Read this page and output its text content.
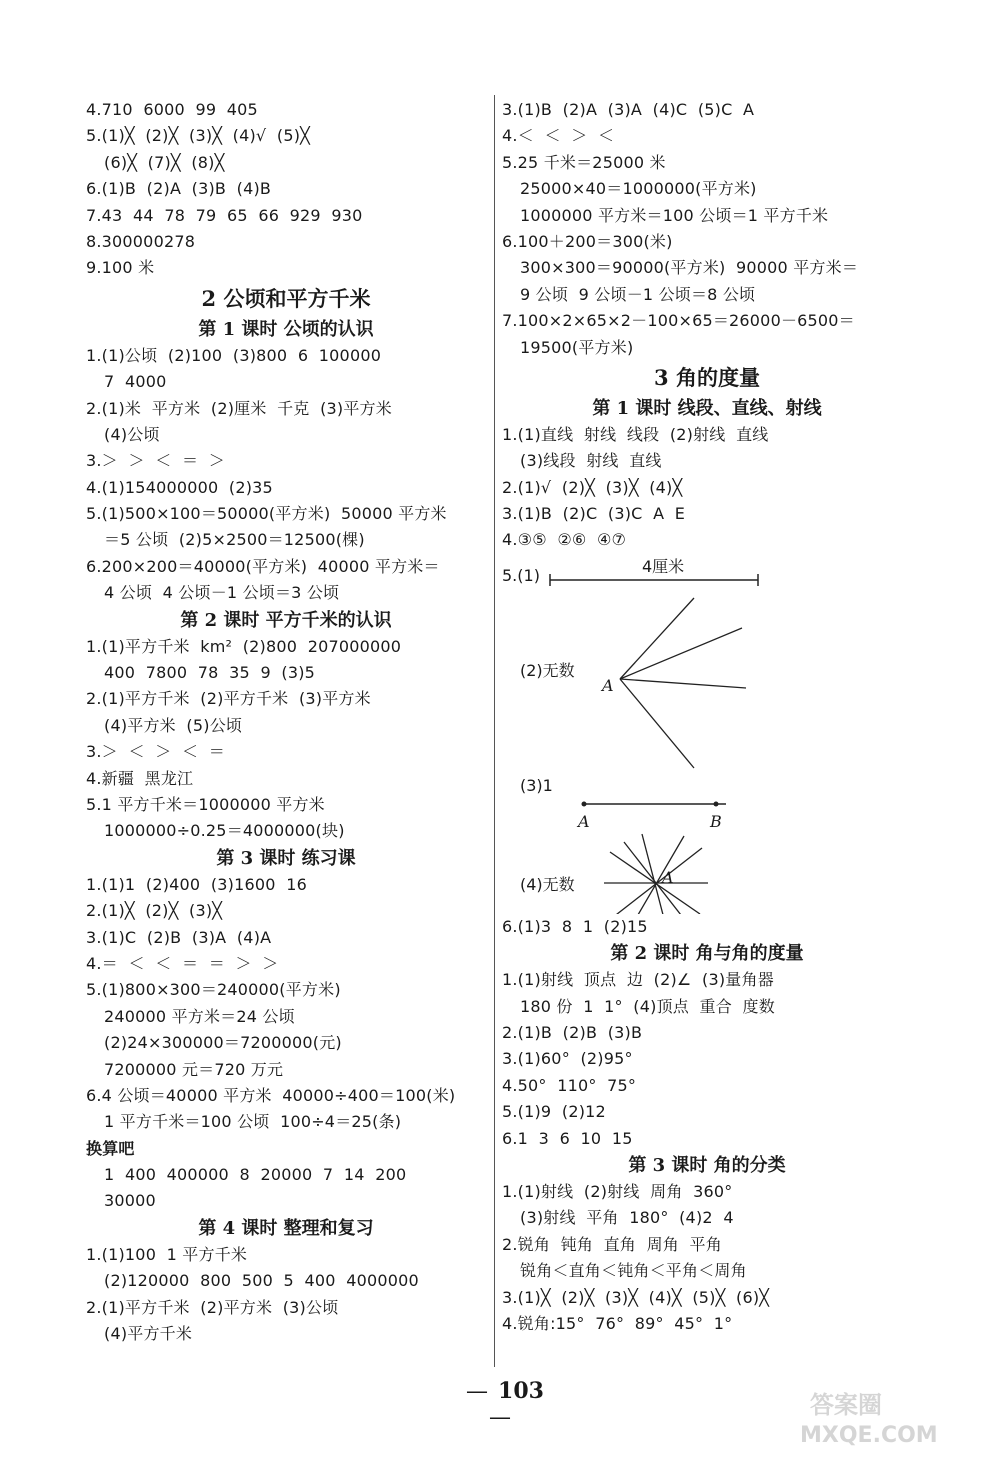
4.710  6000  99  405
5.(1)╳  (2)╳  (3)╳  (4)√  (5)╳
(6)╳  (7)╳  (8)╳
6.(1)B  (2)A  (3)B  (4)B
7.43  44  78  79  65  66  929  930
8.300000278
9.100 米
2 公顷和平方千米
第 1 课时 公顷的认识
1.(1)公顷  (2)100  (3)800  6  100000
7  4000
2.(1)米  平方米  (2)厘米  千克  (3)平方米
(4)公顷
3.＞  ＞  ＜  ＝  ＞
4.(1)154000000  (2)35
5.(1)500×100＝50000(平方米)  50000 平方米
＝5 公顷  (2)5×2500＝12500(棵)
6.200×200＝40000(平方米)  40000 平方米＝
4 公顷  4 公顷－1 公顷＝3 公顷
第 2 课时 平方千米的认识
1.(1)平方千米  km²  (2)800  207000000
400  7800  78  35  9  (3)5
2.(1)平方千米  (2)平方千米  (3)平方米
(4)平方米  (5)公顷
3.＞  ＜  ＞  ＜  ＝
4.新疆  黑龙江
5.1 平方千米＝1000000 平方米
1000000÷0.25＝4000000(块)
第 3 课时 练习课
1.(1)1  (2)400  (3)1600  16
2.(1)╳  (2)╳  (3)╳
3.(1)C  (2)B  (3)A  (4)A
4.＝  ＜  ＜  ＝  ＝  ＞  ＞
5.(1)800×300＝240000(平方米)
240000 平方米＝24 公顷
(2)24×300000＝7200000(元)
7200000 元＝720 万元
6.4 公顷＝40000 平方米  40000÷400＝100(米)
1 平方千米＝100 公顷  100÷4＝25(条)
换算吧
1  400  400000  8  20000  7  14  200
30000
第 4 课时 整理和复习
1.(1)100  1 平方千米
(2)120000  800  500  5  400  4000000
2.(1)平方千米  (2)平方米  (3)公顷
(4)平方千米
3.(1)B  (2)A  (3)A  (4)C  (5)C  A
4.＜  ＜  ＞  ＜
5.25 千米＝25000 米
25000×40＝1000000(平方米)
1000000 平方米＝100 公顷＝1 平方千米
6.100＋200＝300(米)
300×300＝90000(平方米)  90000 平方米＝
9 公顷  9 公顷－1 公顷＝8 公顷
7.100×2×65×2－100×65＝26000－6500＝
19500(平方米)
3 角的度量
第 1 课时 线段、直线、射线
1.(1)直线  射线  线段  (2)射线  直线
(3)线段  射线  直线
2.(1)√  (2)╳  (3)╳  (4)╳
3.(1)B  (2)C  (3)C  A  E
4.③⑤  ②⑥  ④⑦
5.(1)	4厘米
(2)无数
A
(3)1
A	B
(4)无数	A
6.(1)3  8  1  (2)15
第 2 课时 角与角的度量
1.(1)射线  顶点  边  (2)∠  (3)量角器
180 份  1  1°  (4)顶点  重合  度数
2.(1)B  (2)B  (3)B
3.(1)60°  (2)95°
4.50°  110°  75°
5.(1)9  (2)12
6.1  3  6  10  15
第 3 课时 角的分类
1.(1)射线  (2)射线  周角  360°
(3)射线  平角  180°  (4)2  4
2.锐角  钝角  直角  周角  平角
锐角＜直角＜钝角＜平角＜周角
3.(1)╳  (2)╳  (3)╳  (4)╳  (5)╳  (6)╳
4.锐角:15°  76°  89°  45°  1°
— 103—	答案圈
MXQE.COM
